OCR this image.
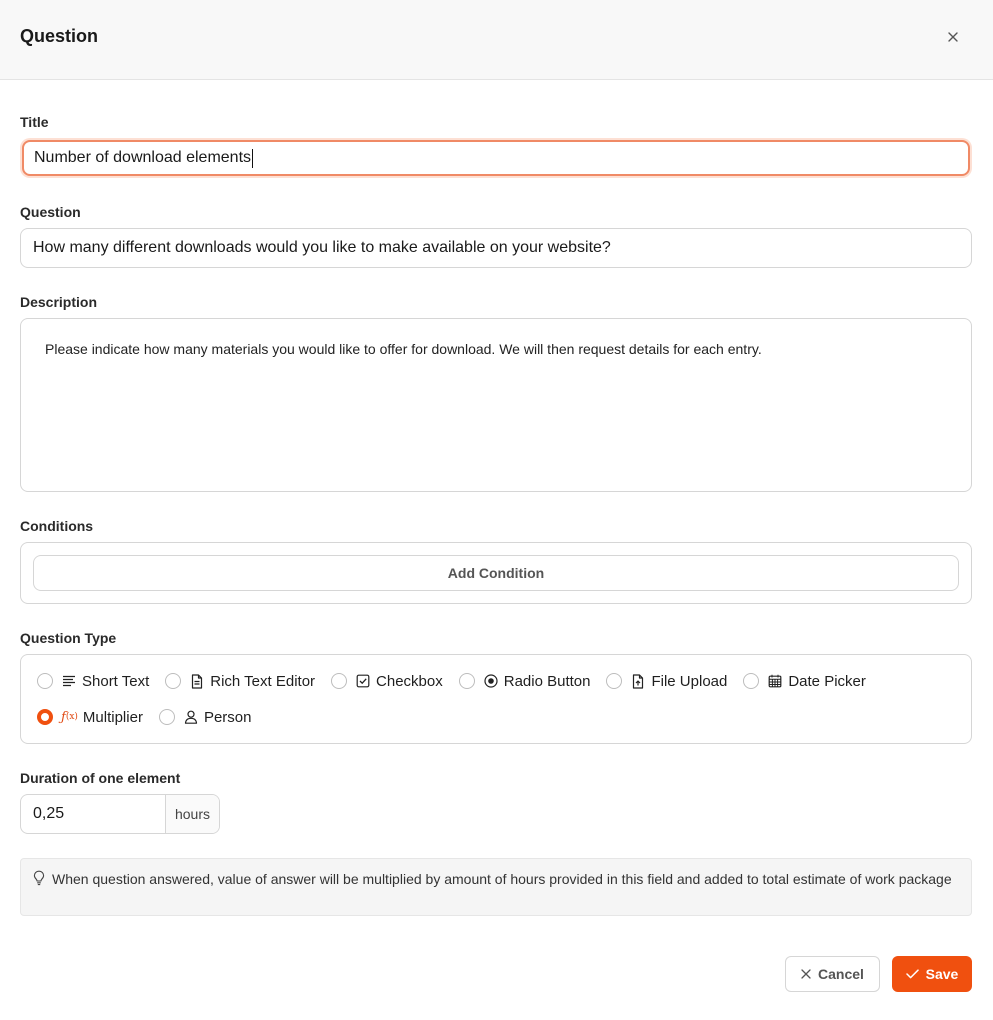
Question
Title
Number of download elements
Question
How many different downloads would you like to make available on your website?
Description
Please indicate how many materials you would like to offer for download. We will then request details for each entry.
Conditions
Add Condition
Question Type
Short Text	Rich Text Editor	Checkbox	Radio Button	File Upload	Date Picker
ƒ (x) Multiplier	Person
Duration of one element
0,25	hours
When question answered, value of answer will be multiplied by amount of hours provided in this field and added to total estimate of work package
Cancel	Save
